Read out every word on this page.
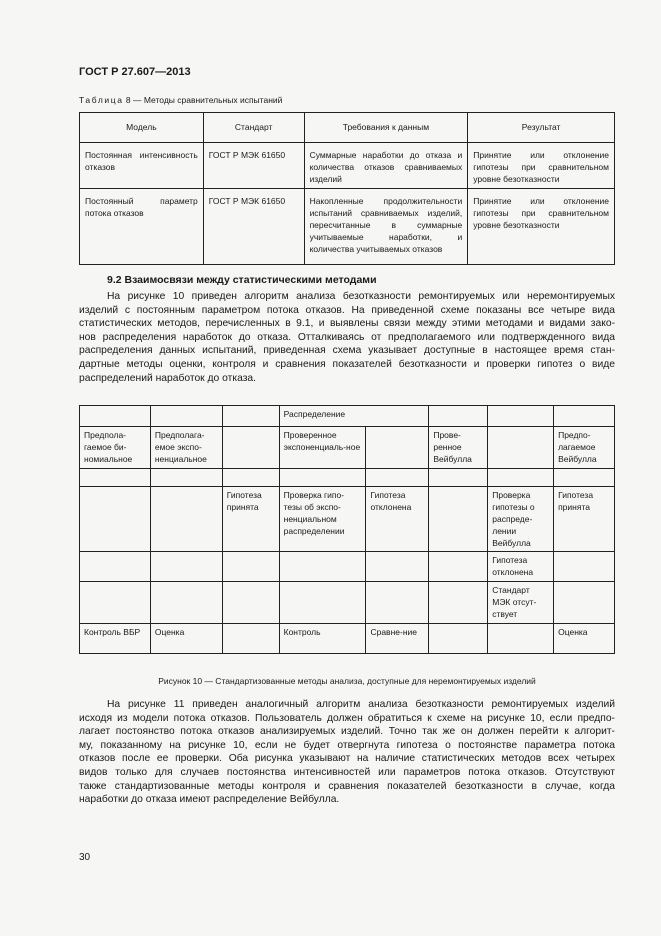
ГОСТ Р 27.607—2013
Таблица 8 — Методы сравнительных испытаний
Модель	Стандарт	Требования к данным	Результат
Постоянная интенсивность отказов	ГОСТ Р МЭК 61650	Суммарные наработки до отказа и количества отказов сравниваемых изделий	Принятие или отклонение гипотезы при сравнительном уровне безотказности
Постоянный параметр потока отказов	ГОСТ Р МЭК 61650	Накопленные продолжительности испытаний сравниваемых изделий, пересчитанные в суммарные учитываемые наработки, и количества учитываемых отказов	Принятие или отклонение гипотезы при сравнительном уровне безотказности
9.2 Взаимосвязи между статистическими методами

На рисунке 10 приведен алгоритм анализа безотказности ремонтируемых или неремонтируемых
изделий с постоянным параметром потока отказов. На приведенной схеме показаны все четыре вида
статистических методов, перечисленных в 9.1, и выявлены связи между этими методами и видами зако-
нов распределения наработок до отказа. Отталкиваясь от предполагаемого или подтвержденного вида
распределения данных испытаний, приведенная схема указывает доступные в настоящее время стан-
дартные методы оценки, контроля и сравнения показателей безотказности и проверки гипотез о виде
распределений наработок до отказа.

			Распределение				
Предпола-гаемое би-номиальное	Предполага-емое экспо-ненциальное		Проверенное экспоненциаль-ное		Прове-ренное Вейбулла		Предпо-лагаемое Вейбулла

		Гипотеза принята	Проверка гипо-тезы об экспо-ненциальном распределении	Гипотеза отклонена		Проверка гипотезы о распреде-лении Вейбулла	Гипотеза принята
						Гипотеза отклонена	
						Стандарт МЭК отсут-ствует	
Контроль ВБР	Оценка		Контроль	Сравне-ние			Оценка
Рисунок 10 — Стандартизованные методы анализа, доступные для неремонтируемых изделий

На рисунке 11 приведен аналогичный алгоритм анализа безотказности ремонтируемых изделий
исходя из модели потока отказов. Пользователь должен обратиться к схеме на рисунке 10, если предпо-
лагает постоянство потока отказов анализируемых изделий. Точно так же он должен перейти к алгорит-
му, показанному на рисунке 10, если не будет отвергнута гипотеза о постоянстве параметра потока
отказов после ее проверки. Оба рисунка указывают на наличие статистических методов всех четырех
видов только для случаев постоянства интенсивностей или параметров потока отказов. Отсутствуют
также стандартизованные методы контроля и сравнения показателей безотказности в случае, когда
наработки до отказа имеют распределение Вейбулла.

30
